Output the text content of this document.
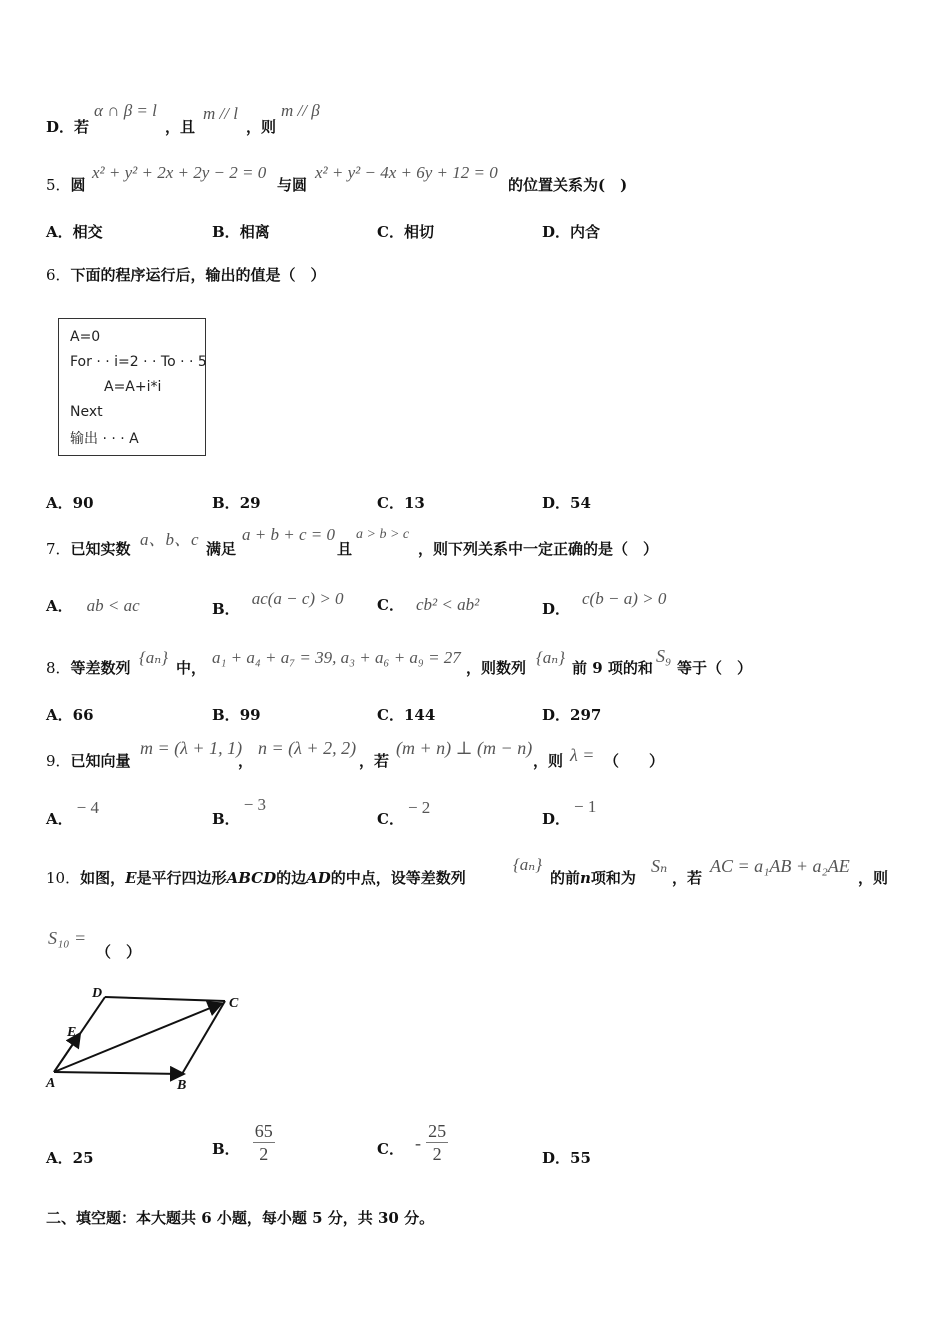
D．若
α ∩ β = l
，且
m // l
，则
m // β
5．圆
x² + y² + 2x + 2y − 2 = 0
与圆
x² + y² − 4x + 6y + 12 = 0
的位置关系为(　)
A．相交	B．相离	C．相切	D．内含
6．下面的程序运行后，输出的值是（　）
A=0
For · · i=2 · · To · · 5
A=A+i*i
Next
输出 · · · A
A．90	B．29	C．13	D．54
7．已知实数 a、b、c 满足
a + b + c = 0
且
a > b > c
，则下列关系中一定正确的是（　）
A． ab < ac	B．ac(a − c) > 0 C． cb² < ab²	D．c(b − a) > 0
8．等差数列
{aₙ}
中，
a₁ + a₄ + a₇ = 39, a₃ + a₆ + a₉ = 27
，则数列
{aₙ}
前 9 项的和
S₉
等于（　）
A．66	B．99	C．144	D．297
9．已知向量
m = (λ + 1, 1)
，
n = (λ + 2, 2)
，若
(m + n) ⊥ (m − n)
，则 λ = （　　）
A．− 4
B．− 3
C．− 2
D．− 1
10．如图，E是平行四边形ABCD的边AD的中点，设等差数列
{aₙ}
的前n项和为
Sₙ
，若
AC = a₁AB + a₂AE
，则
S₁₀ =
（　）
A	B
C
D
E
A．25	B． $\frac{65}{2}$	C． -
$\frac{25}{2}$	D．55
二、填空题：本大题共 6 小题，每小题 5 分，共 30 分。
